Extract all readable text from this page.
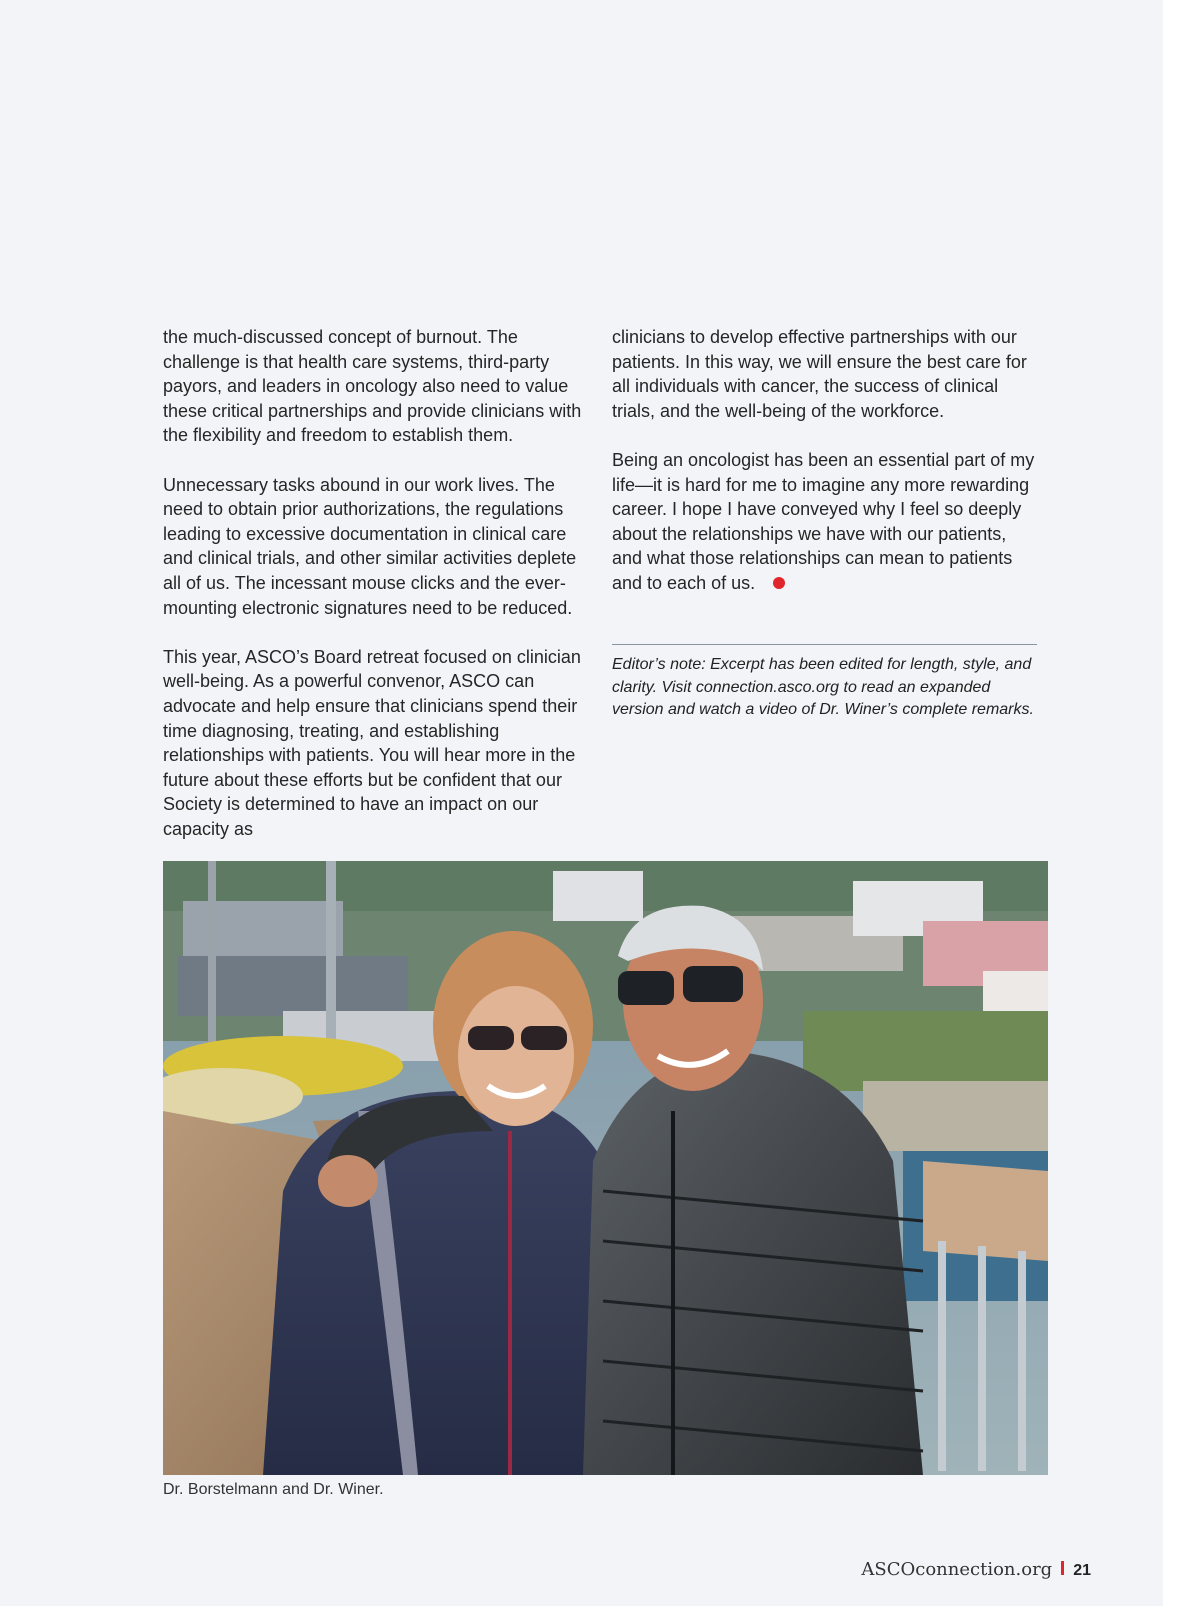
the much-discussed concept of burnout. The challenge is that health care systems, third-party payors, and leaders in oncology also need to value these critical partnerships and provide clinicians with the flexibility and freedom to establish them.

Unnecessary tasks abound in our work lives. The need to obtain prior authorizations, the regulations leading to excessive documentation in clinical care and clinical trials, and other similar activities deplete all of us. The incessant mouse clicks and the ever-mounting electronic signatures need to be reduced.

This year, ASCO’s Board retreat focused on clinician well-being. As a powerful convenor, ASCO can advocate and help ensure that clinicians spend their time diagnosing, treating, and establishing relationships with patients. You will hear more in the future about these efforts but be confident that our Society is determined to have an impact on our capacity as

clinicians to develop effective partnerships with our patients. In this way, we will ensure the best care for all individuals with cancer, the success of clinical trials, and the well-being of the workforce.

Being an oncologist has been an essential part of my life—it is hard for me to imagine any more rewarding career. I hope I have conveyed why I feel so deeply about the relationships we have with our patients, and what those relationships can mean to patients and to each of us.

Editor’s note: Excerpt has been edited for length, style, and clarity. Visit connection.asco.org to read an expanded version and watch a video of Dr. Winer’s complete remarks.
Dr. Borstelmann and Dr. Winer.
ASCOconnection.org 21
